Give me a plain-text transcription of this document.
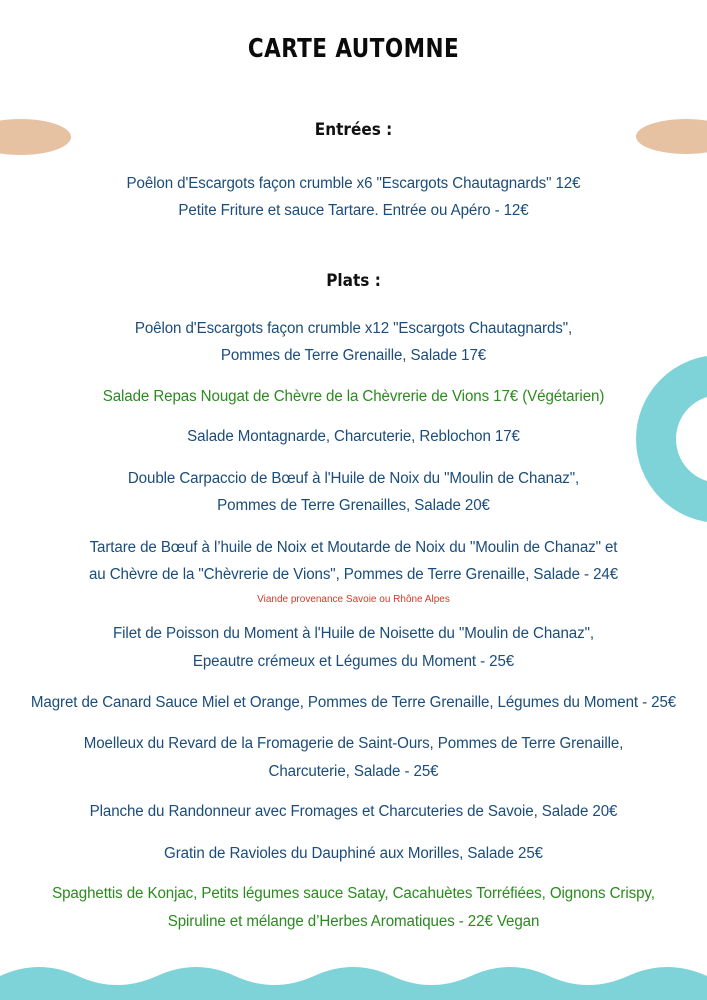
CARTE AUTOMNE
Entrées :
Poêlon d'Escargots façon crumble x6 "Escargots Chautagnards" 12€
Petite Friture et sauce Tartare. Entrée ou Apéro - 12€
Plats :
Poêlon d'Escargots façon crumble x12 "Escargots Chautagnards",
Pommes de Terre Grenaille, Salade 17€
Salade Repas Nougat de Chèvre de la Chèvrerie de Vions 17€ (Végétarien)
Salade Montagnarde, Charcuterie, Reblochon 17€
Double Carpaccio de Bœuf à l'Huile de Noix du "Moulin de Chanaz",
Pommes de Terre Grenailles, Salade 20€
Tartare de Bœuf à l’huile de Noix et Moutarde de Noix du "Moulin de Chanaz" et
au Chèvre de la "Chèvrerie de Vions", Pommes de Terre Grenaille, Salade - 24€
Viande provenance Savoie ou Rhône Alpes
Filet de Poisson du Moment à l'Huile de Noisette du "Moulin de Chanaz",
Epeautre crémeux et Légumes du Moment - 25€
Magret de Canard Sauce Miel et Orange, Pommes de Terre Grenaille, Légumes du Moment - 25€
Moelleux du Revard de la Fromagerie de Saint-Ours, Pommes de Terre Grenaille,
Charcuterie, Salade - 25€
Planche du Randonneur avec Fromages et Charcuteries de Savoie, Salade 20€
Gratin de Ravioles du Dauphiné aux Morilles, Salade 25€
Spaghettis de Konjac, Petits légumes sauce Satay, Cacahuètes Torréfiées, Oignons Crispy,
Spiruline et mélange d’Herbes Aromatiques - 22€ Vegan
